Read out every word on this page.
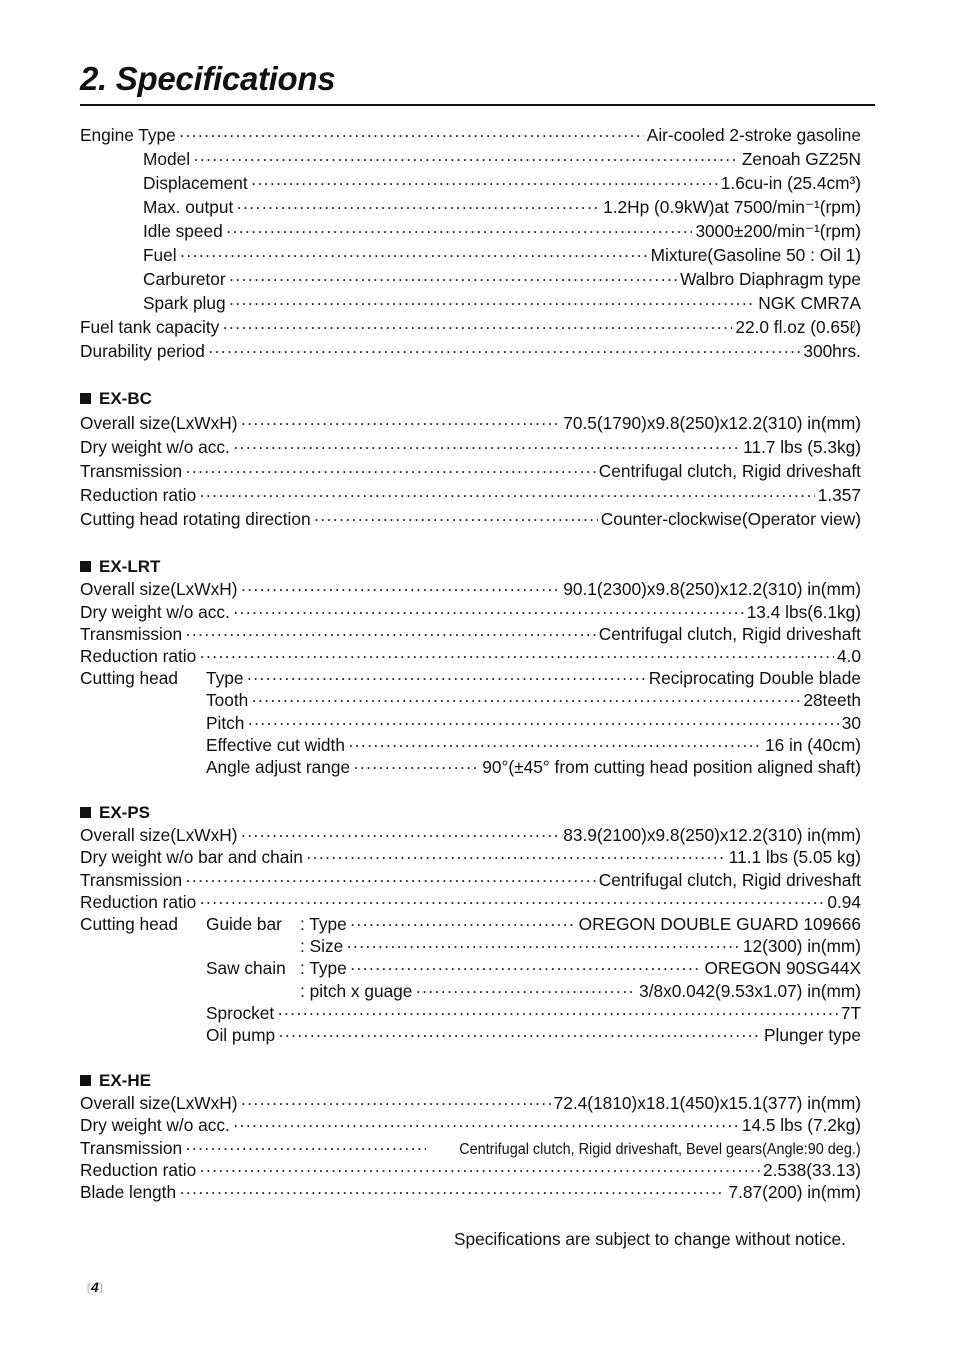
2. Specifications
Engine Type ·····	Air-cooled 2-stroke gasoline
Model ·····	Zenoah GZ25N
Displacement ·····	1.6cu-in (25.4cm³)
Max. output ·····	1.2Hp (0.9kW)at 7500/min⁻¹(rpm)
Idle speed ·····	3000±200/min⁻¹(rpm)
Fuel ·····	Mixture(Gasoline 50 : Oil 1)
Carburetor ·····	Walbro Diaphragm type
Spark plug ·····	NGK CMR7A
Fuel tank capacity ·····	22.0 fl.oz (0.65ℓ)
Durability period ·····	300hrs.
EX-BC
Overall size(LxWxH) ·····	70.5(1790)x9.8(250)x12.2(310) in(mm)
Dry weight w/o acc. ·····	11.7 lbs (5.3kg)
Transmission ·····	Centrifugal clutch, Rigid driveshaft
Reduction ratio ·····	1.357
Cutting head rotating direction ·····	Counter-clockwise(Operator view)
EX-LRT
Overall size(LxWxH) ·····	90.1(2300)x9.8(250)x12.2(310) in(mm)
Dry weight w/o acc. ·····	13.4 lbs(6.1kg)
Transmission ·····	Centrifugal clutch, Rigid driveshaft
Reduction ratio ·····	4.0
Cutting head Type ·····	Reciprocating Double blade
Tooth ·····	28teeth
Pitch ·····	30
Effective cut width ·····	16 in (40cm)
Angle adjust range ·····	90°(±45° from cutting head position aligned shaft)
EX-PS
Overall size(LxWxH) ·····	83.9(2100)x9.8(250)x12.2(310) in(mm)
Dry weight w/o bar and chain ·····	11.1 lbs (5.05 kg)
Transmission ·····	Centrifugal clutch, Rigid driveshaft
Reduction ratio ·····	0.94
Cutting head Guide bar : Type ·····	OREGON DOUBLE GUARD 109666
: Size ·····	12(300) in(mm)
Saw chain : Type ·····	OREGON 90SG44X
: pitch x guage ·····	3/8x0.042(9.53x1.07) in(mm)
Sprocket ·····	7T
Oil pump ·····	Plunger type
EX-HE
Overall size(LxWxH) ·····	72.4(1810)x18.1(450)x15.1(377) in(mm)
Dry weight w/o acc. ·····	14.5 lbs (7.2kg)
Transmission ·····	Centrifugal clutch, Rigid driveshaft, Bevel gears(Angle:90 deg.)
Reduction ratio ·····	2.538(33.13)
Blade length ·····	7.87(200) in(mm)
Specifications are subject to change without notice.
〔4〕
